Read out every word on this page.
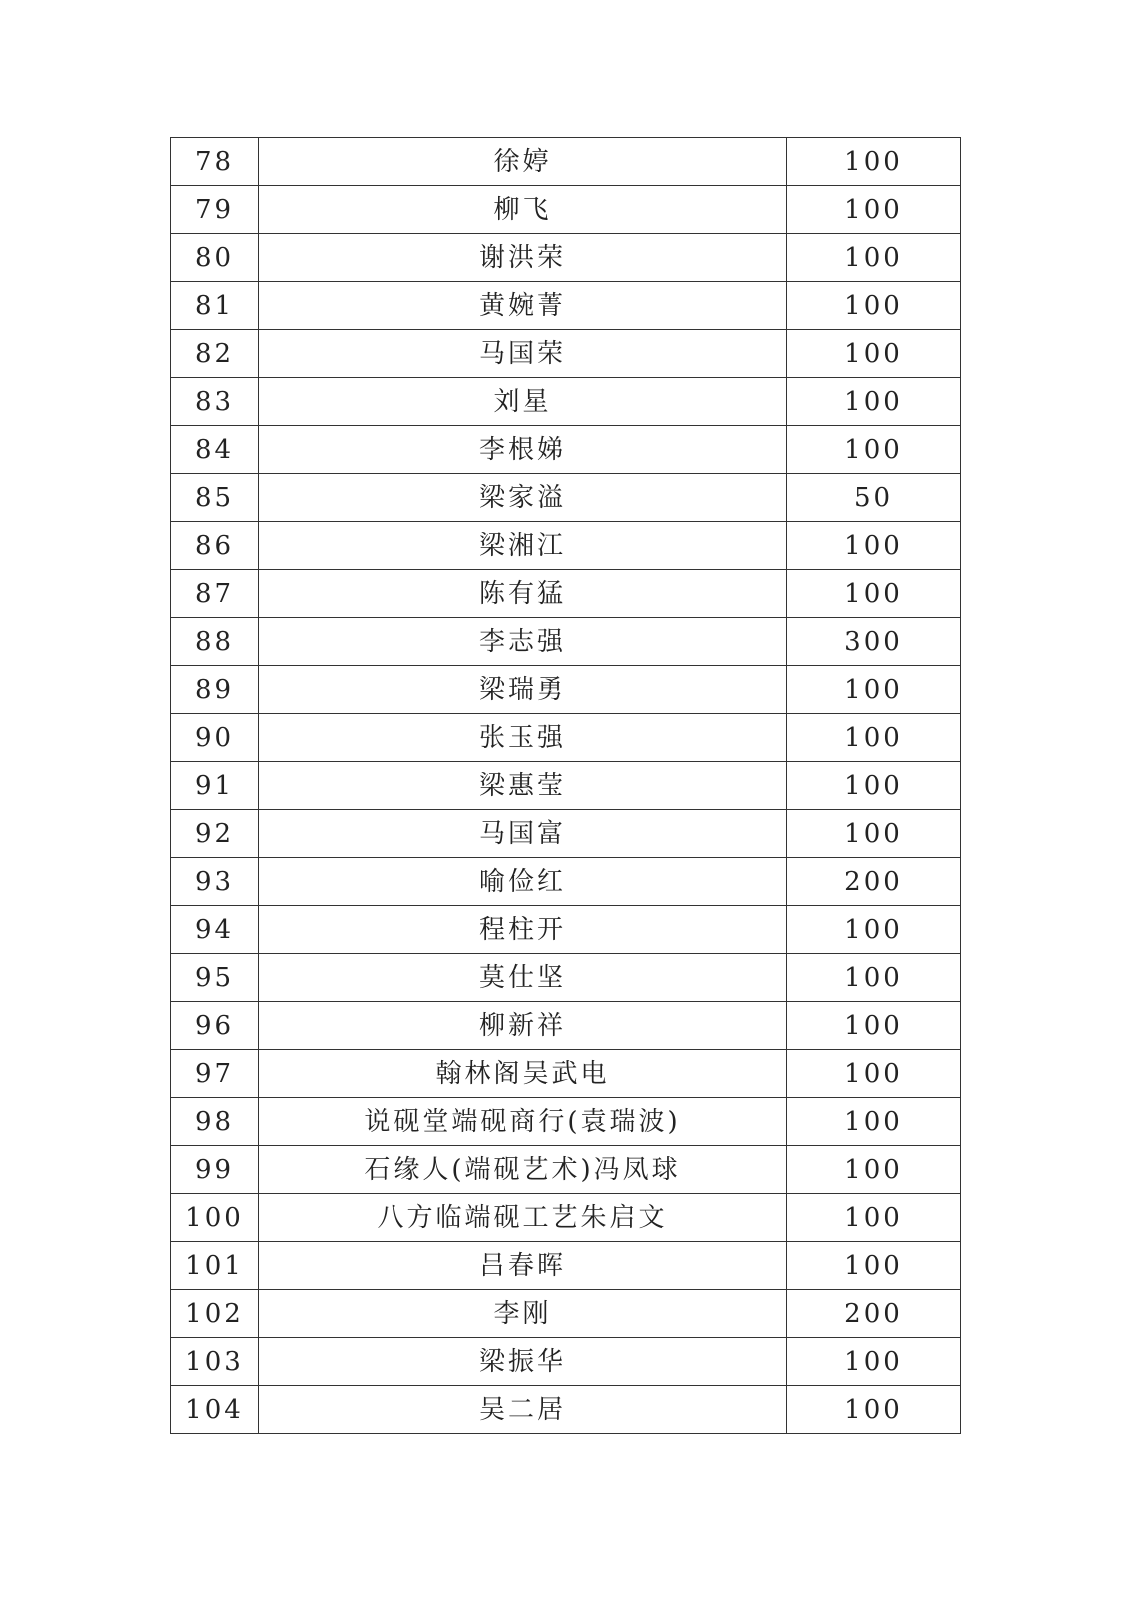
78	徐婷	100
79	柳飞	100
80	谢洪荣	100
81	黄婉菁	100
82	马国荣	100
83	刘星	100
84	李根娣	100
85	梁家溢	50
86	梁湘江	100
87	陈有猛	100
88	李志强	300
89	梁瑞勇	100
90	张玉强	100
91	梁惠莹	100
92	马国富	100
93	喻俭红	200
94	程柱开	100
95	莫仕坚	100
96	柳新祥	100
97	翰林阁吴武电	100
98	说砚堂端砚商行(袁瑞波)	100
99	石缘人(端砚艺术)冯凤球	100
100	八方临端砚工艺朱启文	100
101	吕春晖	100
102	李刚	200
103	梁振华	100
104	吴二居	100
